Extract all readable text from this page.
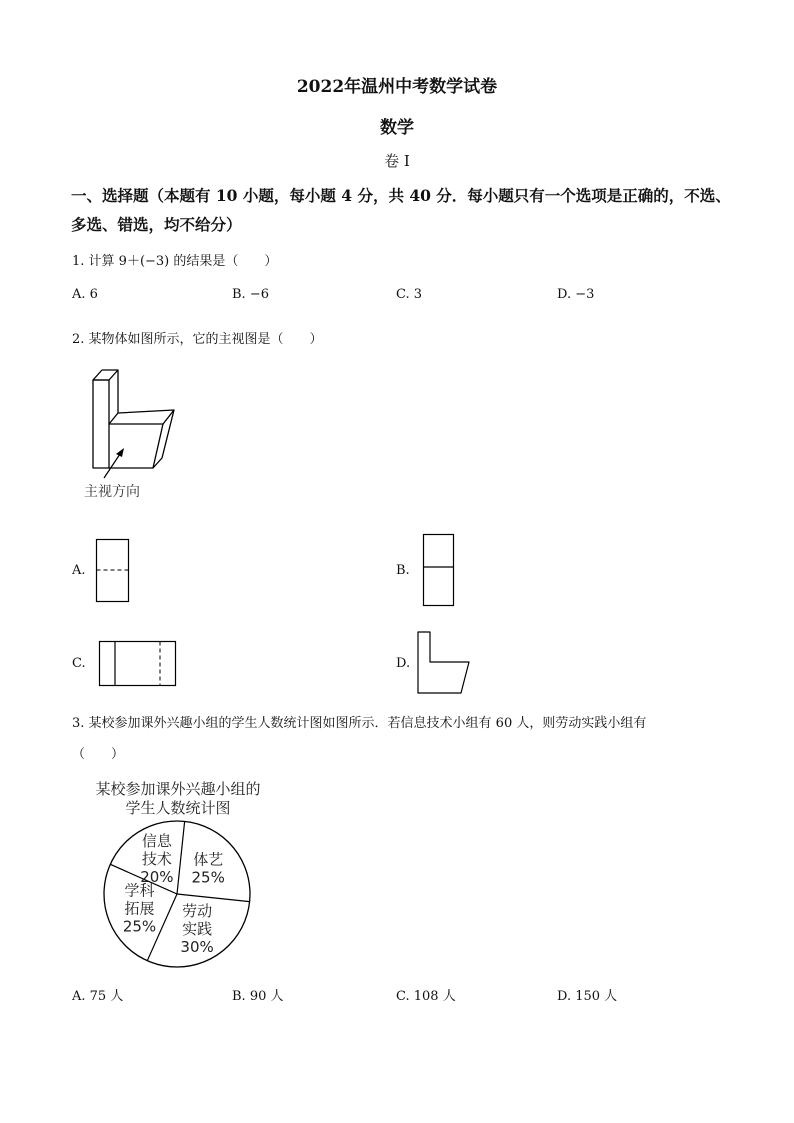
2022年温州中考数学试卷
数学
卷 I
一、选择题（本题有 10 小题，每小题 4 分，共 40 分．每小题只有一个选项是正确的，不选、
多选、错选，均不给分）
1. 计算 9＋(−3) 的结果是（　　）
A. 6	B. −6	C. 3	D. −3
2. 某物体如图所示，它的主视图是（　　）
主视方向
A.	B.
C.	D.
3. 某校参加课外兴趣小组的学生人数统计图如图所示．若信息技术小组有 60 人，则劳动实践小组有
（　　）
某校参加课外兴趣小组的
学生人数统计图
体艺
25%
劳动
实践
30%
学科
拓展
25%
信息
技术
20%
A. 75 人	B. 90 人	C. 108 人	D. 150 人
